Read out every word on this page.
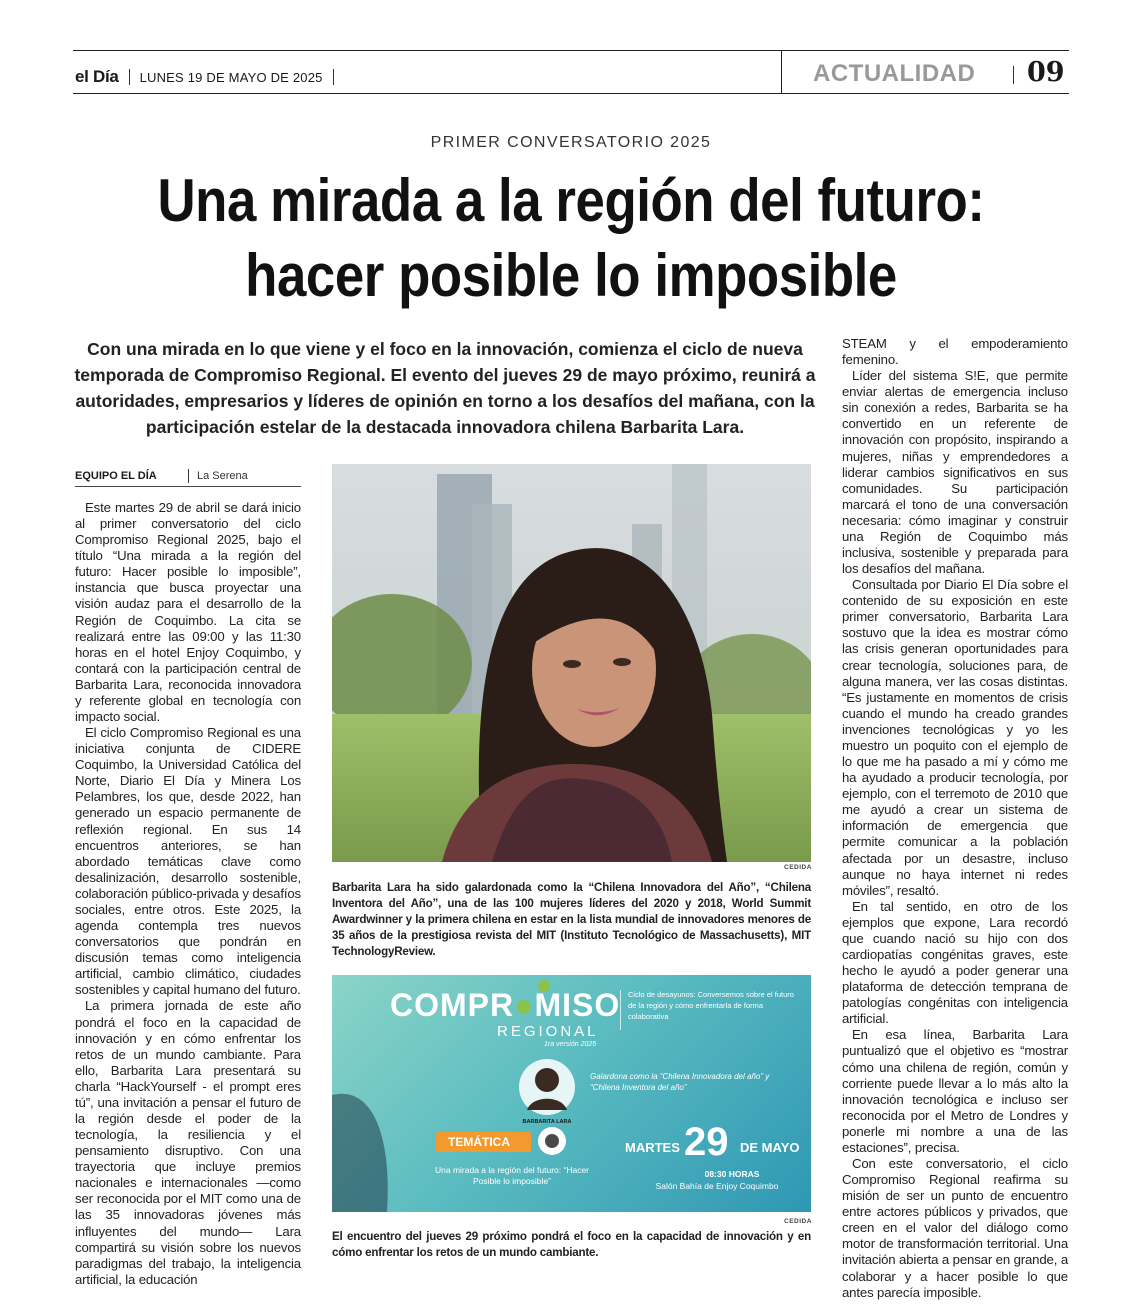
el Día LUNES 19 DE MAYO DE 2025	ACTUALIDAD 09
PRIMER CONVERSATORIO 2025
Una mirada a la región del futuro:
hacer posible lo imposible
Con una mirada en lo que viene y el foco en la innovación, comienza el ciclo de nueva temporada de Compromiso Regional. El evento del jueves 29 de mayo próximo, reunirá a autoridades, empresarios y líderes de opinión en torno a los desafíos del mañana, con la participación estelar de la destacada innovadora chilena Barbarita Lara.
EQUIPO EL DÍA	La Serena

Este martes 29 de abril se dará inicio al primer conversatorio del ciclo Compromiso Regional 2025, bajo el título “Una mirada a la región del futuro: Hacer posible lo imposible”, instancia que busca proyectar una visión audaz para el desarrollo de la Región de Coquimbo. La cita se realizará entre las 09:00 y las 11:30 horas en el hotel Enjoy Coquimbo, y contará con la participación central de Barbarita Lara, reconocida innovadora y referente global en tecnología con impacto social.

El ciclo Compromiso Regional es una iniciativa conjunta de CIDERE Coquimbo, la Universidad Católica del Norte, Diario El Día y Minera Los Pelambres, los que, desde 2022, han generado un espacio permanente de reflexión regional. En sus 14 encuentros anteriores, se han abordado temáticas clave como desalinización, desarrollo sostenible, colaboración público-privada y desafíos sociales, entre otros. Este 2025, la agenda contempla tres nuevos conversatorios que pondrán en discusión temas como inteligencia artificial, cambio climático, ciudades sostenibles y capital humano del futuro.

La primera jornada de este año pondrá el foco en la capacidad de innovación y en cómo enfrentar los retos de un mundo cambiante. Para ello, Barbarita Lara presentará su charla “HackYourself - el prompt eres tú”, una invitación a pensar el futuro de la región desde el poder de la tecnología, la resiliencia y el pensamiento disruptivo. Con una trayectoria que incluye premios nacionales e internacionales —como ser reconocida por el MIT como una de las 35 innovadoras jóvenes más influyentes del mundo— Lara compartirá su visión sobre los nuevos paradigmas del trabajo, la inteligencia artificial, la educación

CEDIDA
Barbarita Lara ha sido galardonada como la “Chilena Innovadora del Año”, “Chilena Inventora del Año”, una de las 100 mujeres líderes del 2020 y 2018, World Summit Awardwinner y la primera chilena en estar en la lista mundial de innovadores menores de 35 años de la prestigiosa revista del MIT (Instituto Tecnológico de Massachusetts), MIT TechnologyReview.
COMPR●MISO
REGIONAL
1ra versión 2025
Ciclo de desayunos: Conversemos sobre el futuro de la región y cómo enfrentarla de forma colaborativa
Galardona como la “Chilena Innovadora del año” y “Chilena Inventora del año”
BARBARITA LARA
TEMÁTICA
Una mirada a la región del futuro: “Hacer Posible lo imposible”
MARTES 29 DE MAYO
08:30 HORAS
Salón Bahía de Enjoy Coquimbo
CEDIDA
El encuentro del jueves 29 próximo pondrá el foco en la capacidad de innovación y en cómo enfrentar los retos de un mundo cambiante.

STEAM y el empoderamiento femenino.

Líder del sistema S!E, que permite enviar alertas de emergencia incluso sin conexión a redes, Barbarita se ha convertido en un referente de innovación con propósito, inspirando a mujeres, niñas y emprendedores a liderar cambios significativos en sus comunidades. Su participación marcará el tono de una conversación necesaria: cómo imaginar y construir una Región de Coquimbo más inclusiva, sostenible y preparada para los desafíos del mañana.

Consultada por Diario El Día sobre el contenido de su exposición en este primer conversatorio, Barbarita Lara sostuvo que la idea es mostrar cómo las crisis generan oportunidades para crear tecnología, soluciones para, de alguna manera, ver las cosas distintas. “Es justamente en momentos de crisis cuando el mundo ha creado grandes invenciones tecnológicas y yo les muestro un poquito con el ejemplo de lo que me ha pasado a mí y cómo me ha ayudado a producir tecnología, por ejemplo, con el terremoto de 2010 que me ayudó a crear un sistema de información de emergencia que permite comunicar a la población afectada por un desastre, incluso aunque no haya internet ni redes móviles”, resaltó.

En tal sentido, en otro de los ejemplos que expone, Lara recordó que cuando nació su hijo con dos cardiopatías congénitas graves, este hecho le ayudó a poder generar una plataforma de detección temprana de patologías congénitas con inteligencia artificial.

En esa línea, Barbarita Lara puntualizó que el objetivo es “mostrar cómo una chilena de región, común y corriente puede llevar a lo más alto la innovación tecnológica e incluso ser reconocida por el Metro de Londres y ponerle mi nombre a una de las estaciones”, precisa.

Con este conversatorio, el ciclo Compromiso Regional reafirma su misión de ser un punto de encuentro entre actores públicos y privados, que creen en el valor del diálogo como motor de transformación territorial. Una invitación abierta a pensar en grande, a colaborar y a hacer posible lo que antes parecía imposible.
